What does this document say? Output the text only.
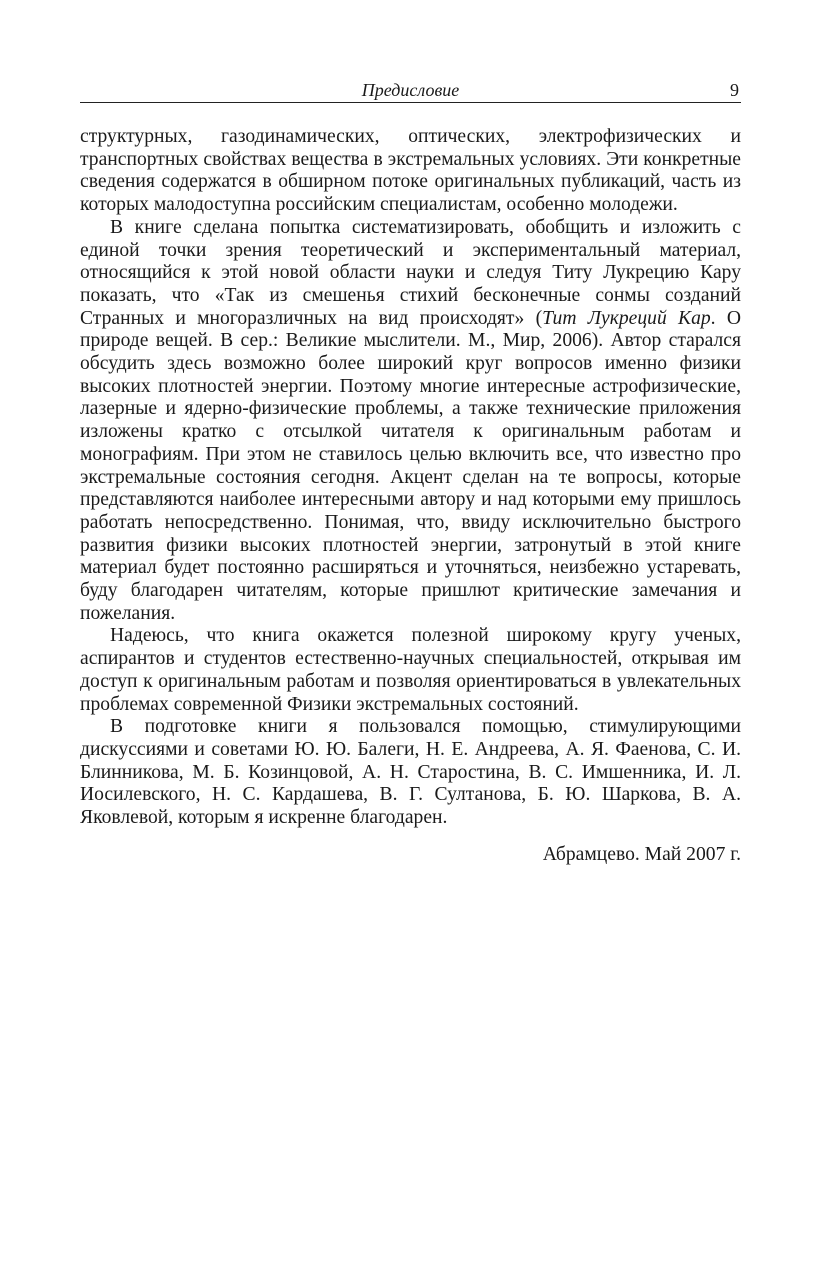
Предисловие	9

структурных, газодинамических, оптических, электрофизических и транспортных свойствах вещества в экстремальных условиях. Эти конкретные сведения содержатся в обширном потоке оригинальных публикаций, часть из которых малодоступна российским специалистам, особенно молодежи.

В книге сделана попытка систематизировать, обобщить и изложить с единой точки зрения теоретический и экспериментальный материал, относящийся к этой новой области науки и следуя Титу Лукрецию Кару показать, что «Так из смешенья стихий бесконечные сонмы созданий Странных и многоразличных на вид происходят» (Тит Лукреций Кар. О природе вещей. В сер.: Великие мыслители. М., Мир, 2006). Автор старался обсудить здесь возможно более широкий круг вопросов именно физики высоких плотностей энергии. Поэтому многие интересные астрофизические, лазерные и ядерно-физические проблемы, а также технические приложения изложены кратко с отсылкой читателя к оригинальным работам и монографиям. При этом не ставилось целью включить все, что известно про экстремальные состояния сегодня. Акцент сделан на те вопросы, которые представляются наиболее интересными автору и над которыми ему пришлось работать непосредственно. Понимая, что, ввиду исключительно быстрого развития физики высоких плотностей энергии, затронутый в этой книге материал будет постоянно расширяться и уточняться, неизбежно устаревать, буду благодарен читателям, которые пришлют критические замечания и пожелания.

Надеюсь, что книга окажется полезной широкому кругу ученых, аспирантов и студентов естественно-научных специальностей, открывая им доступ к оригинальным работам и позволяя ориентироваться в увлекательных проблемах современной Физики экстремальных состояний.

В подготовке книги я пользовался помощью, стимулирующими дискуссиями и советами Ю. Ю. Балеги, Н. Е. Андреева, А. Я. Фаенова, С. И. Блинникова, М. Б. Козинцовой, А. Н. Старостина, В. С. Имшенника, И. Л. Иосилевского, Н. С. Кардашева, В. Г. Султанова, Б. Ю. Шаркова, В. А. Яковлевой, которым я искренне благодарен.

Абрамцево. Май 2007 г.
